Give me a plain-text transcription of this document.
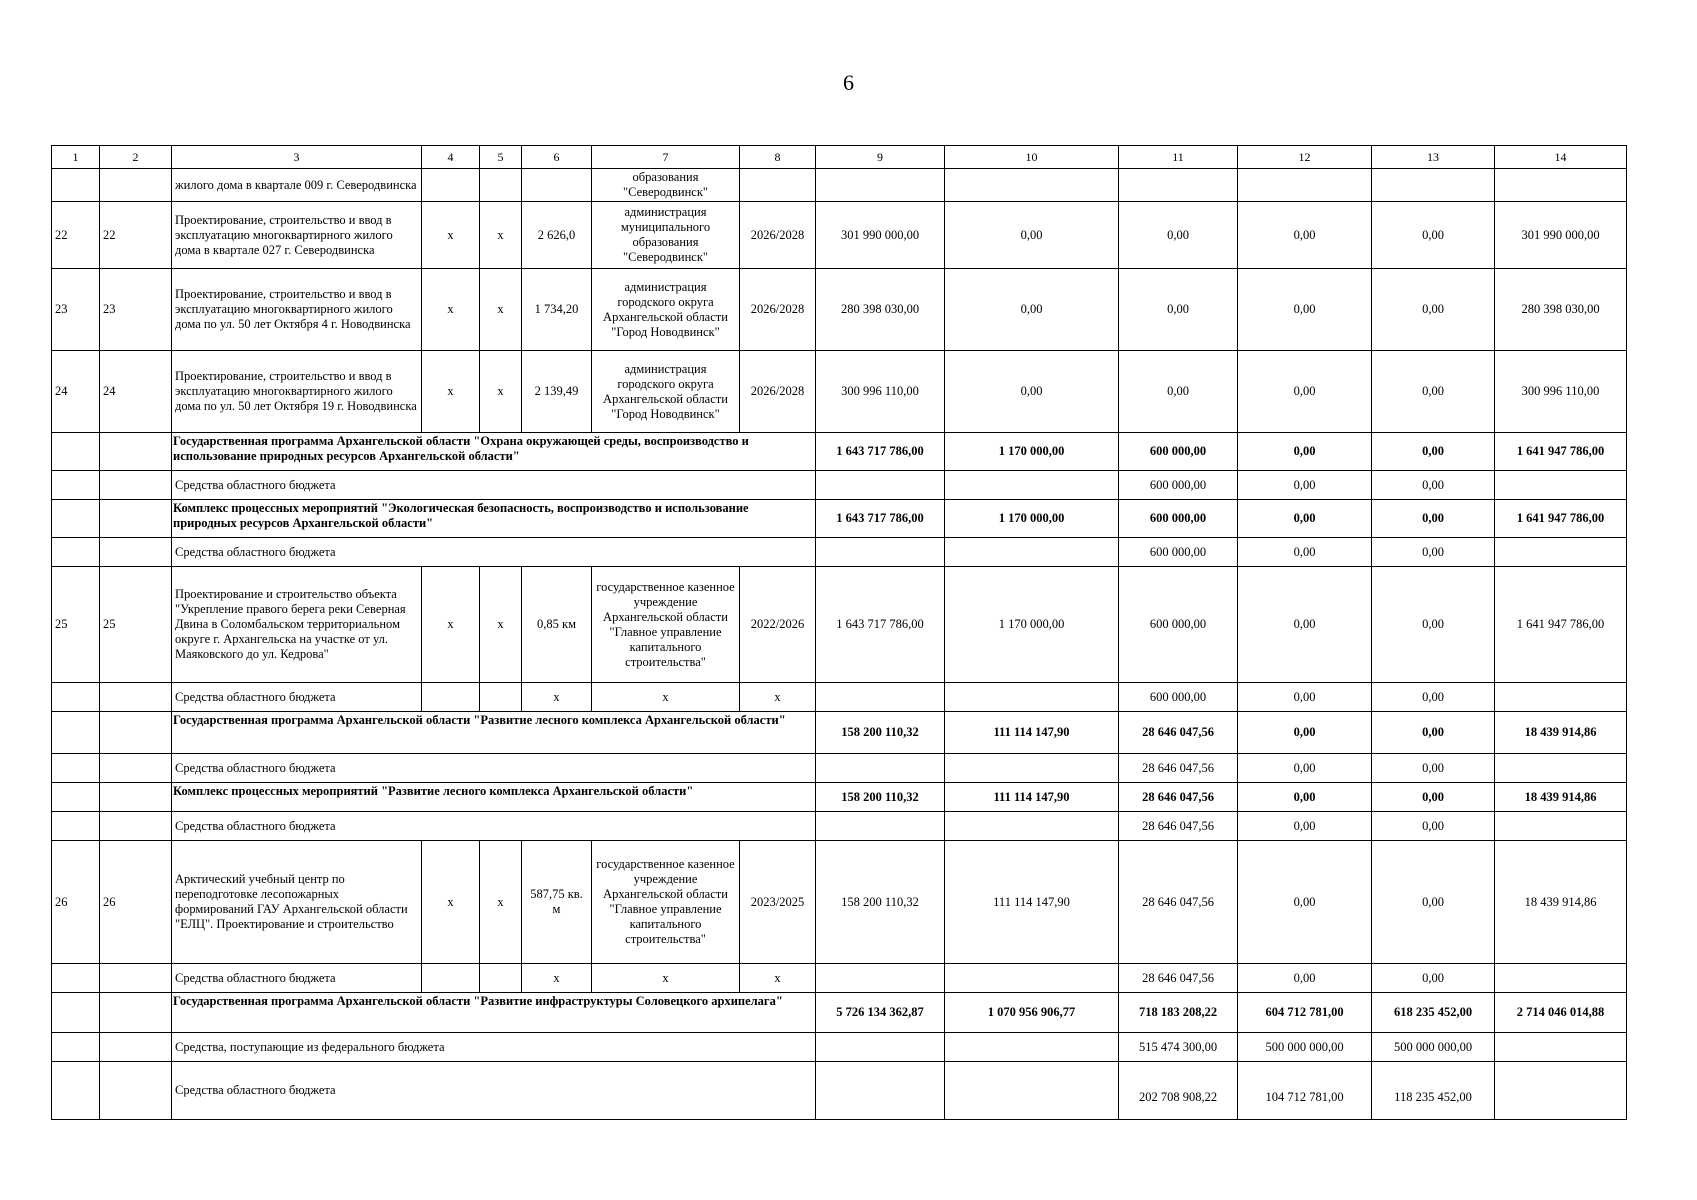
6
1	2	3	4	5	6	7	8	9	10	11	12	13	14
		жилого дома в квартале 009 г. Северодвинска				образования "Северодвинск"							
22	22	Проектирование, строительство и ввод в эксплуатацию многоквартирного жилого дома в квартале 027 г. Северодвинска	х	х	2 626,0	администрация муниципального образования "Северодвинск"	2026/2028	301 990 000,00	0,00	0,00	0,00	0,00	301 990 000,00
23	23	Проектирование, строительство и ввод в эксплуатацию многоквартирного жилого дома по ул. 50 лет Октября 4 г. Новодвинска	х	х	1 734,20	администрация городского округа Архангельской области "Город Новодвинск"	2026/2028	280 398 030,00	0,00	0,00	0,00	0,00	280 398 030,00
24	24	Проектирование, строительство и ввод в эксплуатацию многоквартирного жилого дома по ул. 50 лет Октября 19 г. Новодвинска	х	х	2 139,49	администрация городского округа Архангельской области "Город Новодвинск"	2026/2028	300 996 110,00	0,00	0,00	0,00	0,00	300 996 110,00
		Государственная программа Архангельской области "Охрана окружающей среды, воспроизводство и использование природных ресурсов Архангельской области"						1 643 717 786,00	1 170 000,00	600 000,00	0,00	0,00	1 641 947 786,00
		Средства областного бюджета								600 000,00	0,00	0,00	
		Комплекс процессных мероприятий "Экологическая безопасность, воспроизводство и использование природных ресурсов Архангельской области"						1 643 717 786,00	1 170 000,00	600 000,00	0,00	0,00	1 641 947 786,00
		Средства областного бюджета								600 000,00	0,00	0,00	
25	25	Проектирование и строительство объекта "Укрепление правого берега реки Северная Двина в Соломбальском территориальном округе г. Архангельска на участке от ул. Маяковского до ул. Кедрова"	х	х	0,85 км	государственное казенное учреждение Архангельской области "Главное управление капитального строительства"	2022/2026	1 643 717 786,00	1 170 000,00	600 000,00	0,00	0,00	1 641 947 786,00
		Средства областного бюджета			х	х	х			600 000,00	0,00	0,00	
		Государственная программа Архангельской области "Развитие лесного комплекса Архангельской области"						158 200 110,32	111 114 147,90	28 646 047,56	0,00	0,00	18 439 914,86
		Средства областного бюджета								28 646 047,56	0,00	0,00	
		Комплекс процессных мероприятий "Развитие лесного комплекса Архангельской области"						158 200 110,32	111 114 147,90	28 646 047,56	0,00	0,00	18 439 914,86
		Средства областного бюджета								28 646 047,56	0,00	0,00	
26	26	Арктический учебный центр по переподготовке лесопожарных формирований ГАУ Архангельской области "ЕЛЦ". Проектирование и строительство	х	х	587,75 кв. м	государственное казенное учреждение Архангельской области "Главное управление капитального строительства"	2023/2025	158 200 110,32	111 114 147,90	28 646 047,56	0,00	0,00	18 439 914,86
		Средства областного бюджета			х	х	х			28 646 047,56	0,00	0,00	
		Государственная программа Архангельской области "Развитие инфраструктуры Соловецкого архипелага"						5 726 134 362,87	1 070 956 906,77	718 183 208,22	604 712 781,00	618 235 452,00	2 714 046 014,88
		Средства, поступающие из федерального бюджета								515 474 300,00	500 000 000,00	500 000 000,00	
		Средства областного бюджета								202 708 908,22	104 712 781,00	118 235 452,00	
